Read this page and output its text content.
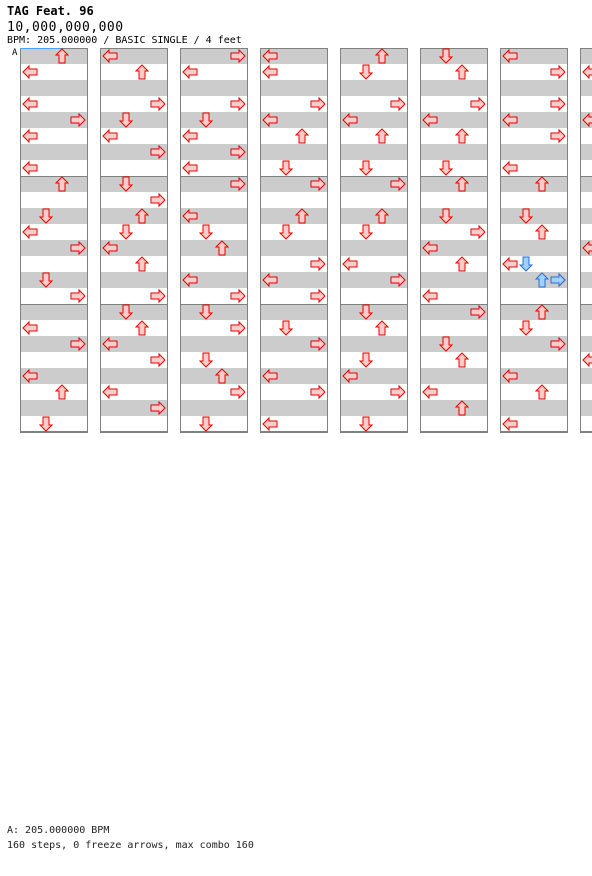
TAG Feat. 96
10,000,000,000
BPM: 205.000000 / BASIC SINGLE / 4 feet
A
A: 205.000000 BPM
160 steps, 0 freeze arrows, max combo 160
